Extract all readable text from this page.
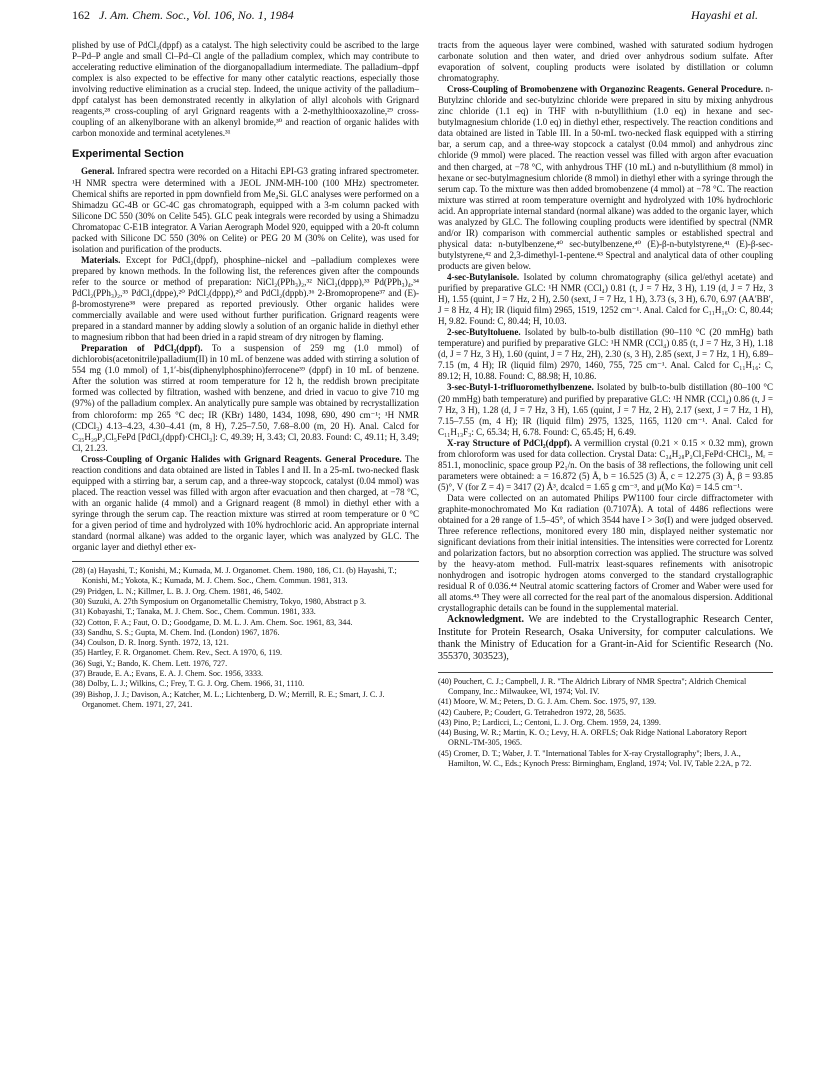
162 J. Am. Chem. Soc., Vol. 106, No. 1, 1984	Hayashi et al.

plished by use of PdCl₂(dppf) as a catalyst. The high selectivity could be ascribed to the large P–Pd–P angle and small Cl–Pd–Cl angle of the palladium complex, which may contribute to accelerating reductive elimination of the diorganopalladium intermediate. The palladium–dppf complex is also expected to be effective for many other catalytic reactions, especially those involving reductive elimination as a crucial step. Indeed, the unique activity of the palladium–dppf catalyst has been demonstrated recently in alkylation of allyl alcohols with Grignard reagents,²⁸ cross-coupling of aryl Grignard reagents with a 2-methylthiooxazoline,²⁹ cross-coupling of an alkenylborane with an alkenyl bromide,³⁰ and reaction of organic halides with carbon monoxide and terminal acetylenes.³¹

Experimental Section

General. Infrared spectra were recorded on a Hitachi EPI-G3 grating infrared spectrometer. ¹H NMR spectra were determined with a JEOL JNM-MH-100 (100 MHz) spectrometer. Chemical shifts are reported in ppm downfield from Me₄Si. GLC analyses were performed on a Shimadzu GC-4B or GC-4C gas chromatograph, equipped with a 3-m column packed with Silicone DC 550 (30% on Celite 545). GLC peak integrals were recorded by using a Shimadzu Chromatopac C-E1B integrator. A Varian Aerograph Model 920, equipped with a 20-ft column packed with Silicone DC 550 (30% on Celite) or PEG 20 M (30% on Celite), was used for isolation and purification of the products.

Materials. Except for PdCl₂(dppf), phosphine–nickel and –palladium complexes were prepared by known methods. In the following list, the references given after the compounds refer to the source or method of preparation: NiCl₂(PPh₃)₂,³² NiCl₂(dppp),³³ Pd(PPh₃)₄,³⁴ PdCl₂(PPh₃)₂,³⁵ PdCl₂(dppe),²⁰ PdCl₂(dppp),²⁰ and PdCl₂(dppb).³⁶ 2-Bromopropene³⁷ and (E)-β-bromostyrene³⁸ were prepared as reported previously. Other organic halides were commercially available and were used without further purification. Grignard reagents were prepared in a standard manner by adding slowly a solution of an organic halide in diethyl ether to magnesium ribbon that had been dried in a rapid stream of dry nitrogen by flaming.

Preparation of PdCl₂(dppf). To a suspension of 259 mg (1.0 mmol) of dichlorobis(acetonitrile)palladium(II) in 10 mL of benzene was added with stirring a solution of 554 mg (1.0 mmol) of 1,1′-bis(diphenylphosphino)ferrocene³⁹ (dppf) in 10 mL of benzene. After the solution was stirred at room temperature for 12 h, the reddish brown precipitate formed was collected by filtration, washed with benzene, and dried in vacuo to give 710 mg (97%) of the palladium complex. An analytically pure sample was obtained by recrystallization from chloroform: mp 265 °C dec; IR (KBr) 1480, 1434, 1098, 690, 490 cm⁻¹; ¹H NMR (CDCl₃) 4.13–4.23, 4.30–4.41 (m, 8 H), 7.25–7.50, 7.68–8.00 (m, 20 H). Anal. Calcd for C₃₅H₂₉P₂Cl₅FePd [PdCl₂(dppf)·CHCl₃]: C, 49.39; H, 3.43; Cl, 20.83. Found: C, 49.11; H, 3.49; Cl, 21.23.

Cross-Coupling of Organic Halides with Grignard Reagents. General Procedure. The reaction conditions and data obtained are listed in Tables I and II. In a 25-mL two-necked flask equipped with a stirring bar, a serum cap, and a three-way stopcock, catalyst (0.04 mmol) was placed. The reaction vessel was filled with argon after evacuation and then charged, at −78 °C, with an organic halide (4 mmol) and a Grignard reagent (8 mmol) in diethyl ether with a syringe through the serum cap. The reaction mixture was stirred at room temperature or 0 °C for a given period of time and hydrolyzed with 10% hydrochloric acid. An appropriate internal standard (normal alkane) was added to the organic layer, which was analyzed by GLC. The organic layer and diethyl ether ex-

(28) (a) Hayashi, T.; Konishi, M.; Kumada, M. J. Organomet. Chem. 1980, 186, C1. (b) Hayashi, T.; Konishi, M.; Yokota, K.; Kumada, M. J. Chem. Soc., Chem. Commun. 1981, 313.
(29) Pridgen, L. N.; Killmer, L. B. J. Org. Chem. 1981, 46, 5402.
(30) Suzuki, A. 27th Symposium on Organometallic Chemistry, Tokyo, 1980, Abstract p 3.
(31) Kobayashi, T.; Tanaka, M. J. Chem. Soc., Chem. Commun. 1981, 333.
(32) Cotton, F. A.; Faut, O. D.; Goodgame, D. M. L. J. Am. Chem. Soc. 1961, 83, 344.
(33) Sandhu, S. S.; Gupta, M. Chem. Ind. (London) 1967, 1876.
(34) Coulson, D. R. Inorg. Synth. 1972, 13, 121.
(35) Hartley, F. R. Organomet. Chem. Rev., Sect. A 1970, 6, 119.
(36) Sugi, Y.; Bando, K. Chem. Lett. 1976, 727.
(37) Braude, E. A.; Evans, E. A. J. Chem. Soc. 1956, 3333.
(38) Dolby, L. J.; Wilkins, C.; Frey, T. G. J. Org. Chem. 1966, 31, 1110.
(39) Bishop, J. J.; Davison, A.; Katcher, M. L.; Lichtenberg, D. W.; Merrill, R. E.; Smart, J. C. J. Organomet. Chem. 1971, 27, 241.

tracts from the aqueous layer were combined, washed with saturated sodium hydrogen carbonate solution and then water, and dried over anhydrous sodium sulfate. After evaporation of solvent, coupling products were isolated by distillation or column chromatography.

Cross-Coupling of Bromobenzene with Organozinc Reagents. General Procedure. n-Butylzinc chloride and sec-butylzinc chloride were prepared in situ by mixing anhydrous zinc chloride (1.1 eq) in THF with n-butyllithium (1.0 eq) in hexane and sec-butylmagnesium chloride (1.0 eq) in diethyl ether, respectively. The reaction conditions and data obtained are listed in Table III. In a 50-mL two-necked flask equipped with a stirring bar, a serum cap, and a three-way stopcock a catalyst (0.04 mmol) and anhydrous zinc chloride (9 mmol) were placed. The reaction vessel was filled with argon after evacuation and then charged, at −78 °C, with anhydrous THF (10 mL) and n-butyllithium (8 mmol) in hexane or sec-butylmagnesium chloride (8 mmol) in diethyl ether with a syringe through the serum cap. To the mixture was then added bromobenzene (4 mmol) at −78 °C. The reaction mixture was stirred at room temperature overnight and hydrolyzed with 10% hydrochloric acid. An appropriate internal standard (normal alkane) was added to the organic layer, which was analyzed by GLC. The following coupling products were identified by spectral (NMR and/or IR) comparison with commercial authentic samples or established spectral and physical data: n-butylbenzene,⁴⁰ sec-butylbenzene,⁴⁰ (E)-β-n-butylstyrene,⁴¹ (E)-β-sec-butylstyrene,⁴² and 2,3-dimethyl-1-pentene.⁴³ Spectral and analytical data of other coupling products are given below.

4-sec-Butylanisole. Isolated by column chromatography (silica gel/ethyl acetate) and purified by preparative GLC: ¹H NMR (CCl₄) 0.81 (t, J = 7 Hz, 3 H), 1.19 (d, J = 7 Hz, 3 H), 1.55 (quint, J = 7 Hz, 2 H), 2.50 (sext, J = 7 Hz, 1 H), 3.73 (s, 3 H), 6.70, 6.97 (AA′BB′, J = 8 Hz, 4 H); IR (liquid film) 2965, 1519, 1252 cm⁻¹. Anal. Calcd for C₁₁H₁₆O: C, 80.44; H, 9.82. Found: C, 80.44; H, 10.03.

2-sec-Butyltoluene. Isolated by bulb-to-bulb distillation (90–110 °C (20 mmHg) bath temperature) and purified by preparative GLC: ¹H NMR (CCl₄) 0.85 (t, J = 7 Hz, 3 H), 1.18 (d, J = 7 Hz, 3 H), 1.60 (quint, J = 7 Hz, 2H), 2.30 (s, 3 H), 2.85 (sext, J = 7 Hz, 1 H), 6.89–7.15 (m, 4 H); IR (liquid film) 2970, 1460, 755, 725 cm⁻¹. Anal. Calcd for C₁₁H₁₆: C, 89.12; H, 10.88. Found: C, 88.98; H, 10.86.

3-sec-Butyl-1-trifluoromethylbenzene. Isolated by bulb-to-bulb distillation (80–100 °C (20 mmHg) bath temperature) and purified by preparative GLC: ¹H NMR (CCl₄) 0.86 (t, J = 7 Hz, 3 H), 1.28 (d, J = 7 Hz, 3 H), 1.65 (quint, J = 7 Hz, 2 H), 2.17 (sext, J = 7 Hz, 1 H), 7.15–7.55 (m, 4 H); IR (liquid film) 2975, 1325, 1165, 1120 cm⁻¹. Anal. Calcd for C₁₁H₁₃F₃: C, 65.34; H, 6.78. Found: C, 65.45; H, 6.49.

X-ray Structure of PdCl₂(dppf). A vermillion crystal (0.21 × 0.15 × 0.32 mm), grown from chloroform was used for data collection. Crystal Data: C₃₄H₂₈P₂Cl₂FePd·CHCl₃, Mᵣ = 851.1, monoclinic, space group P2₁/n. On the basis of 38 reflections, the following unit cell parameters were obtained: a = 16.872 (5) Å, b = 16.525 (3) Å, c = 12.275 (3) Å, β = 93.85 (5)°, V (for Z = 4) = 3417 (2) Å³, dcalcd = 1.65 g cm⁻³, and μ(Mo Kα) = 14.5 cm⁻¹.

Data were collected on an automated Philips PW1100 four circle diffractometer with graphite-monochromated Mo Kα radiation (0.7107Å). A total of 4486 reflections were obtained for a 2θ range of 1.5–45°, of which 3544 have I > 3σ(I) and were judged observed. Three reference reflections, monitored every 180 min, displayed neither systematic nor significant deviations from their initial intensities. The intensities were corrected for Lorentz and polarization factors, but no absorption correction was applied. The structure was solved by the heavy-atom method. Full-matrix least-squares refinements with anisotropic nonhydrogen and isotropic hydrogen atoms converged to the standard crystallographic residual R of 0.036.⁴⁴ Neutral atomic scattering factors of Cromer and Waber were used for all atoms.⁴⁵ They were all corrected for the real part of the anomalous dispersion. Additional crystallographic details can be found in the supplemental material.

Acknowledgment. We are indebted to the Crystallographic Research Center, Institute for Protein Research, Osaka University, for computer calculations. We thank the Ministry of Education for a Grant-in-Aid for Scientific Research (No. 355370, 303523),

(40) Pouchert, C. J.; Campbell, J. R. "The Aldrich Library of NMR Spectra"; Aldrich Chemical Company, Inc.: Milwaukee, WI, 1974; Vol. IV.
(41) Moore, W. M.; Peters, D. G. J. Am. Chem. Soc. 1975, 97, 139.
(42) Caubere, P.; Coudert, G. Tetrahedron 1972, 28, 5635.
(43) Pino, P.; Lardicci, L.; Centoni, L. J. Org. Chem. 1959, 24, 1399.
(44) Busing, W. R.; Martin, K. O.; Levy, H. A. ORFLS; Oak Ridge National Laboratory Report ORNL-TM-305, 1965.
(45) Cromer, D. T.; Waber, J. T. "International Tables for X-ray Crystallography"; Ibers, J. A., Hamilton, W. C., Eds.; Kynoch Press: Birmingham, England, 1974; Vol. IV, Table 2.2A, p 72.
